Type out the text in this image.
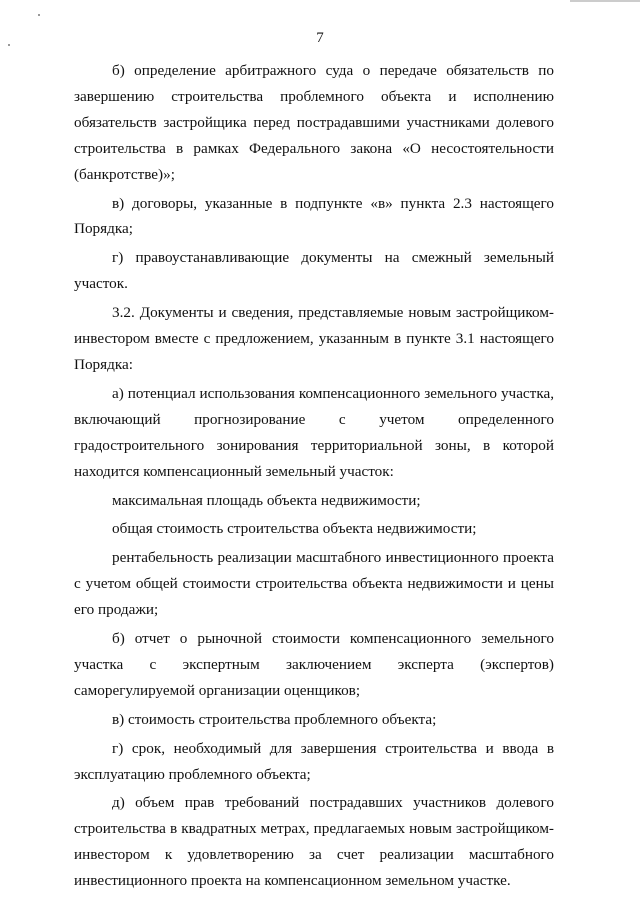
7

б) определение арбитражного суда о передаче обязательств по завершению строительства проблемного объекта и исполнению обязательств застройщика перед пострадавшими участниками долевого строительства в рамках Федерального закона «О несостоятельности (банкротстве)»;

в) договоры, указанные в подпункте «в» пункта 2.3 настоящего Порядка;

г) правоустанавливающие документы на смежный земельный участок.

3.2. Документы и сведения, представляемые новым застройщиком-инвестором вместе с предложением, указанным в пункте 3.1 настоящего Порядка:

а) потенциал использования компенсационного земельного участка, включающий прогнозирование с учетом определенного градостроительного зонирования территориальной зоны, в которой находится компенсационный земельный участок:

максимальная площадь объекта недвижимости;

общая стоимость строительства объекта недвижимости;

рентабельность реализации масштабного инвестиционного проекта с учетом общей стоимости строительства объекта недвижимости и цены его продажи;

б) отчет о рыночной стоимости компенсационного земельного участка с экспертным заключением эксперта (экспертов) саморегулируемой организации оценщиков;

в) стоимость строительства проблемного объекта;

г) срок, необходимый для завершения строительства и ввода в эксплуатацию проблемного объекта;

д) объем прав требований пострадавших участников долевого строительства в квадратных метрах, предлагаемых новым застройщиком-инвестором к удовлетворению за счет реализации масштабного инвестиционного проекта на компенсационном земельном участке.
